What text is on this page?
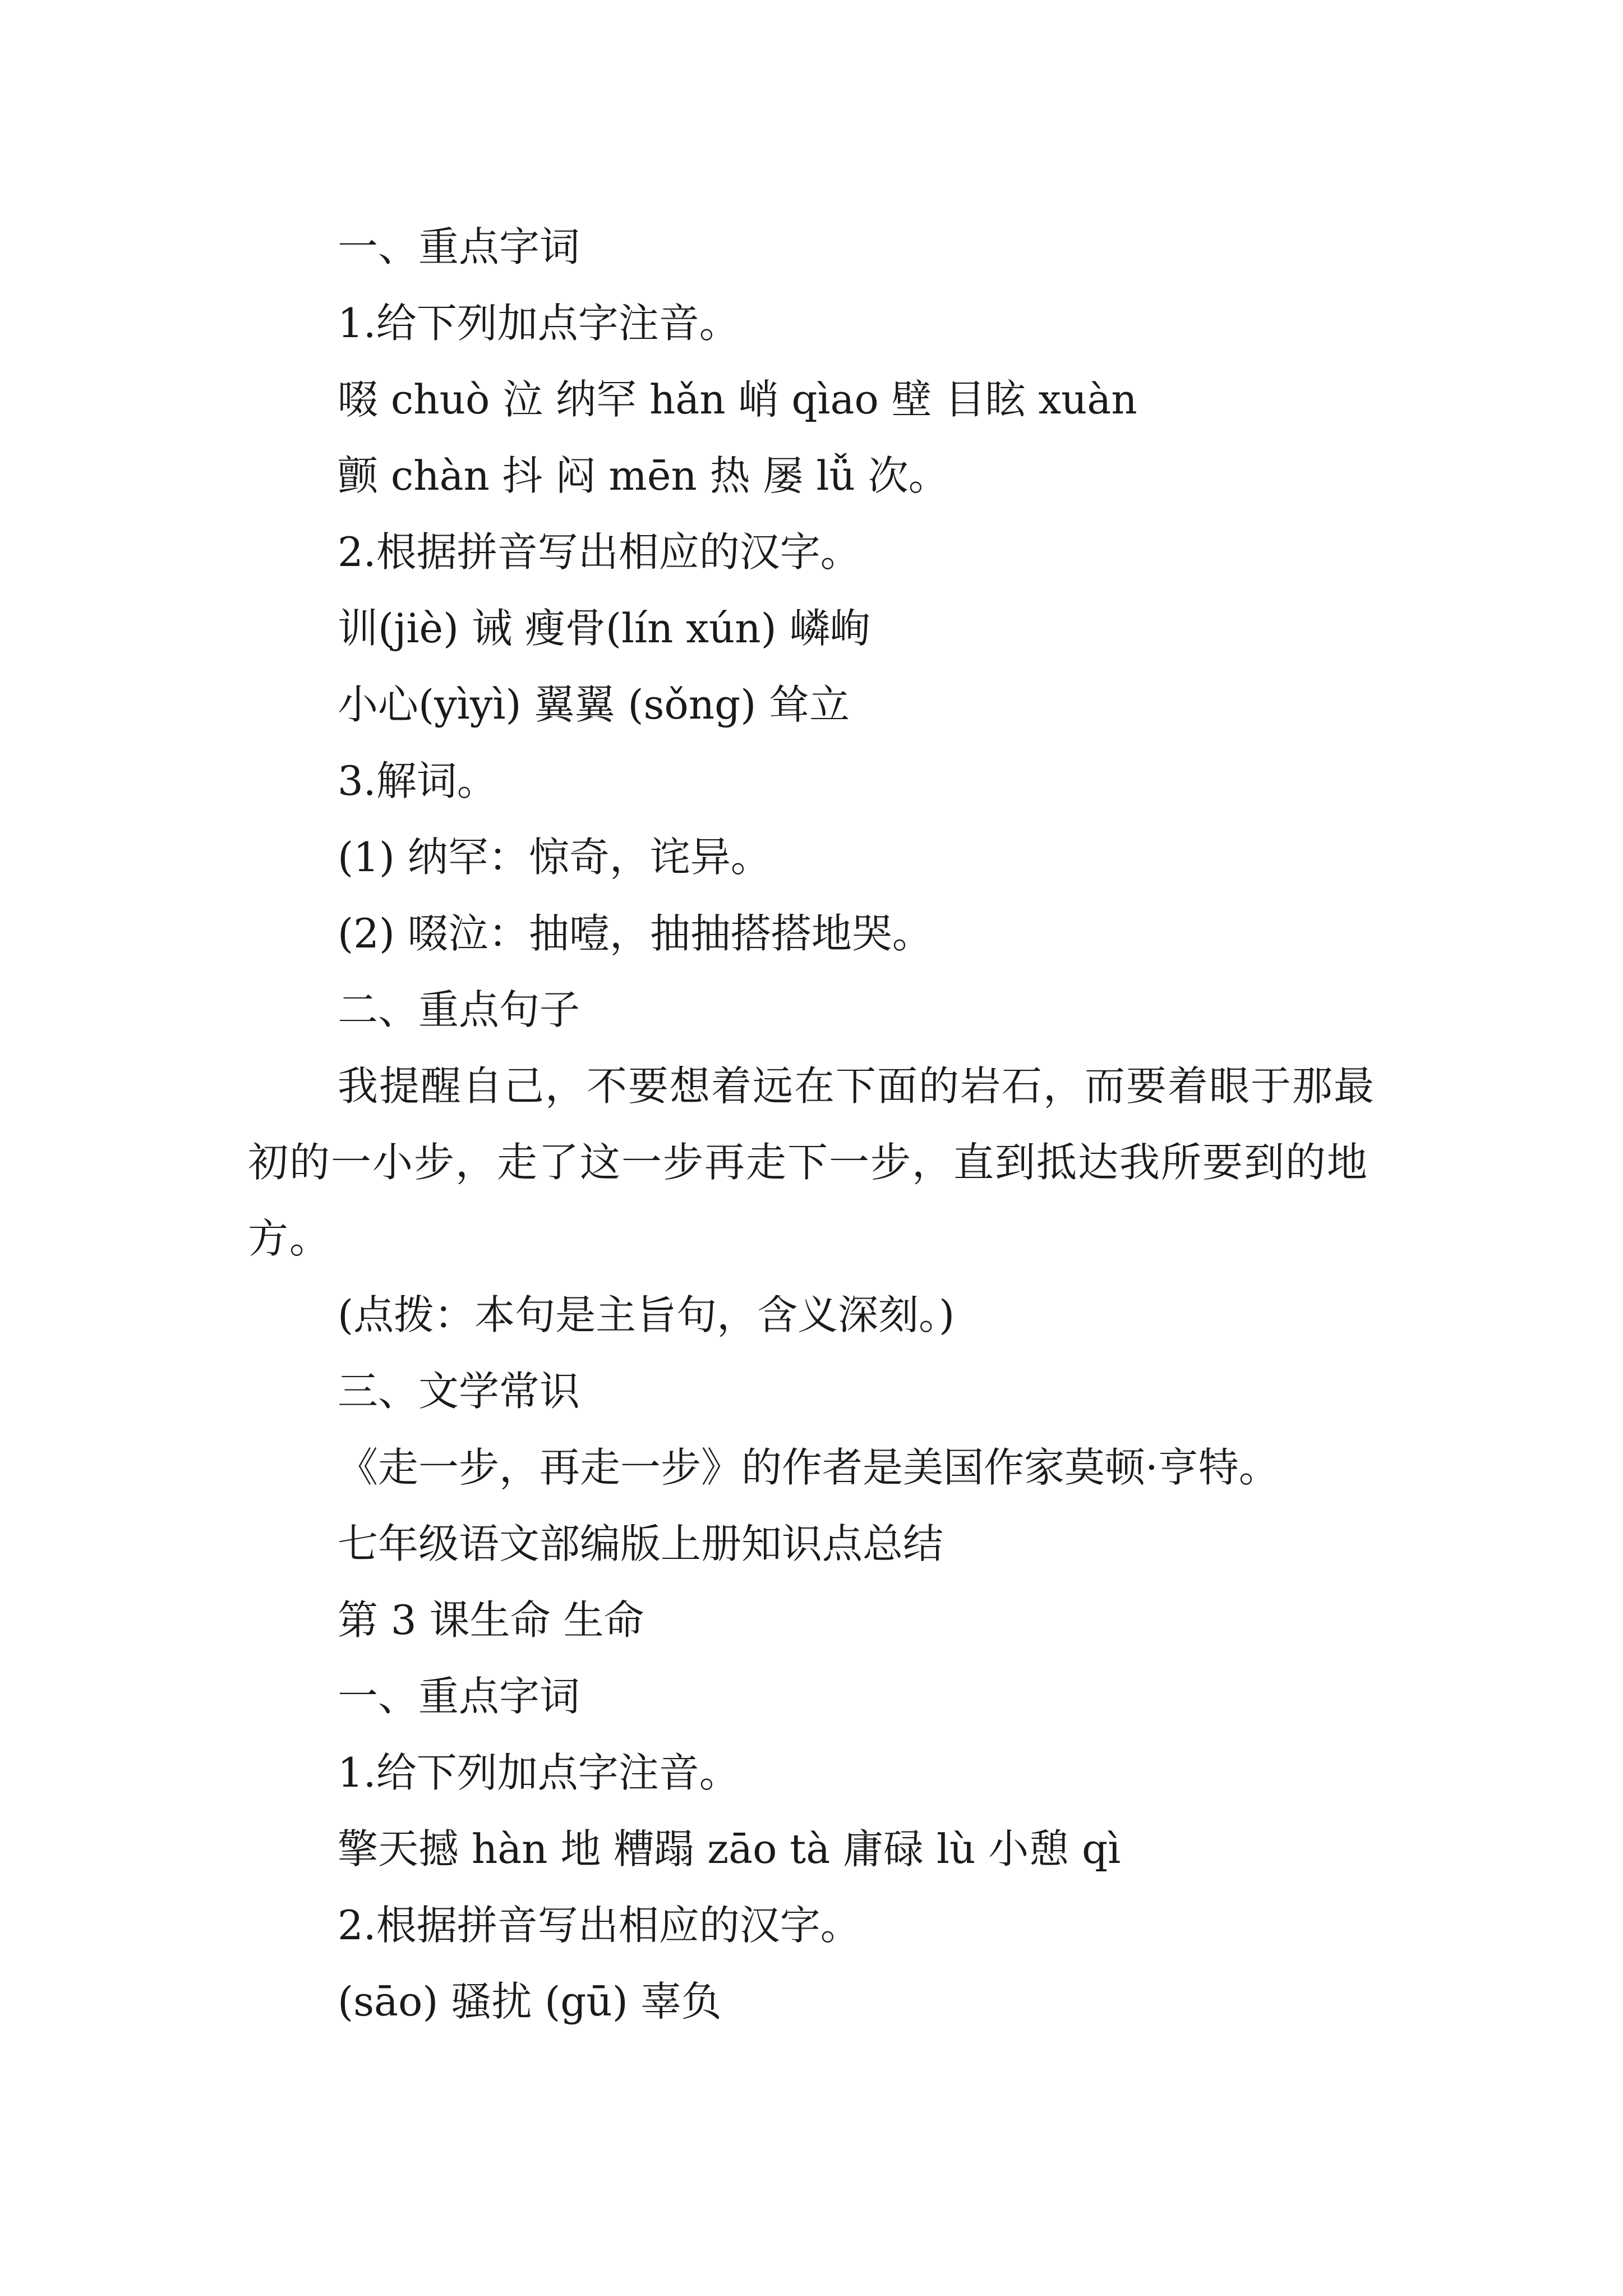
一、重点字词

1.给下列加点字注音。

啜 chuò 泣 纳罕 hǎn 峭 qìao 壁 目眩 xuàn

颤 chàn 抖 闷 mēn 热 屡 lǚ 次。

2.根据拼音写出相应的汉字。

训(jiè) 诫 瘦骨(lín xún) 嶙峋

小心(yìyì) 翼翼 (sǒng) 耸立

3.解词。

(1) 纳罕：惊奇，诧异。

(2) 啜泣：抽噎，抽抽搭搭地哭。

二、重点句子

我提醒自己，不要想着远在下面的岩石，而要着眼于那最初的一小步，走了这一步再走下一步，直到抵达我所要到的地方。

(点拨：本句是主旨句，含义深刻。)

三、文学常识

《走一步，再走一步》的作者是美国作家莫顿·亨特。

七年级语文部编版上册知识点总结

第 3 课生命 生命

一、重点字词

1.给下列加点字注音。

擎天撼 hàn 地 糟蹋 zāo tà 庸碌 lù 小憩 qì

2.根据拼音写出相应的汉字。

(sāo) 骚扰 (gū) 辜负
